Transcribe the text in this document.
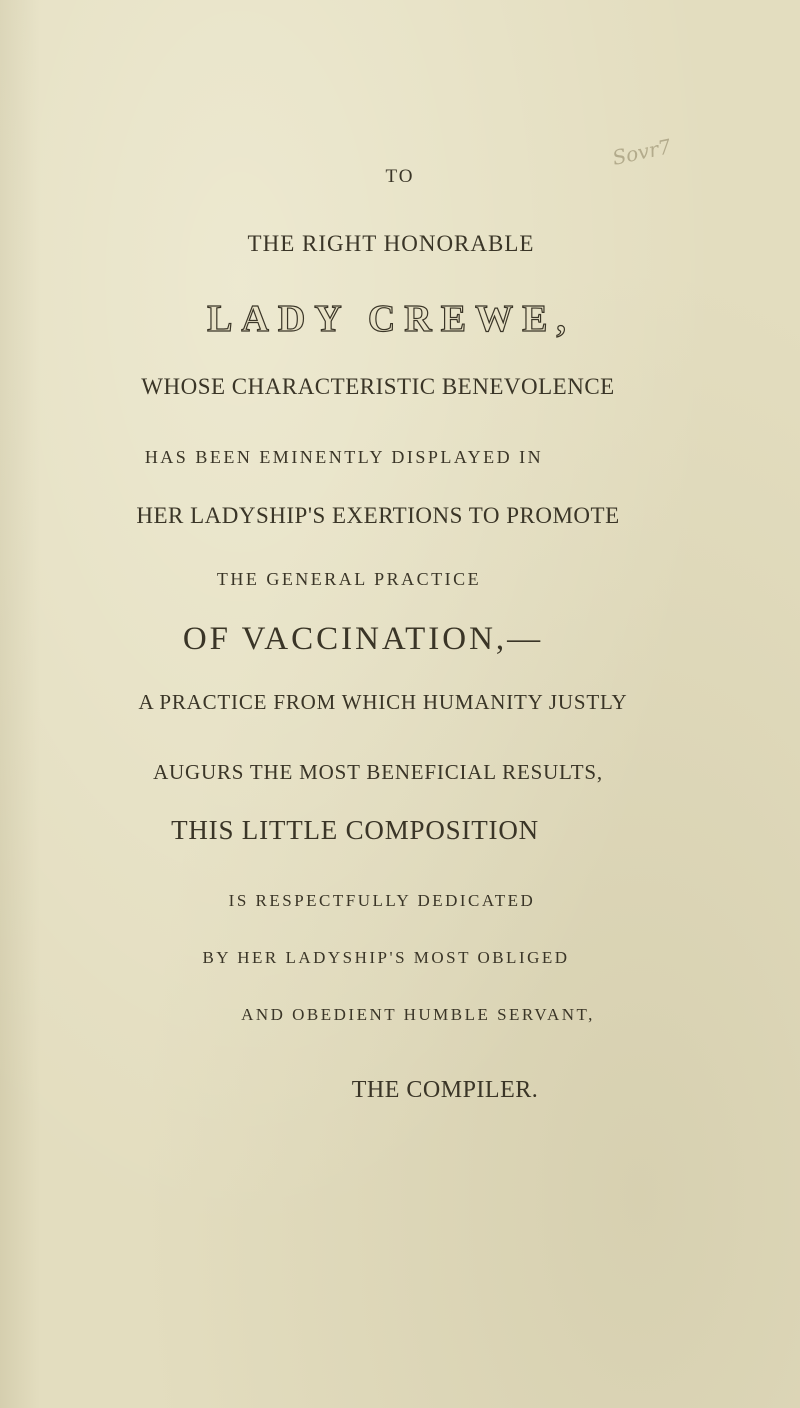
Sovr7
TO
THE RIGHT HONORABLE
LADY CREWE,
WHOSE CHARACTERISTIC BENEVOLENCE
HAS BEEN EMINENTLY DISPLAYED IN
HER LADYSHIP'S EXERTIONS TO PROMOTE
THE GENERAL PRACTICE
OF VACCINATION,—
A PRACTICE FROM WHICH HUMANITY JUSTLY
AUGURS THE MOST BENEFICIAL RESULTS,
THIS LITTLE COMPOSITION
IS RESPECTFULLY DEDICATED
BY HER LADYSHIP'S MOST OBLIGED
AND OBEDIENT HUMBLE SERVANT,
THE COMPILER.
